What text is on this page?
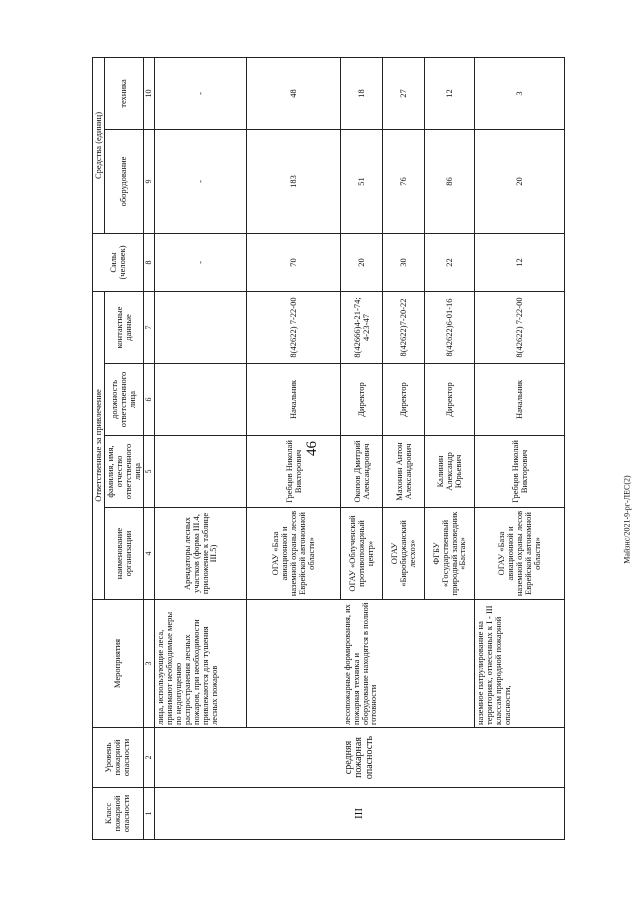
46
Майзнс/2021-9-рг-ЛЕС(2)
Класс пожарной опасности	Уровень пожарной опасности	Мероприятия	Ответственные за привлечение				Силы (человек)	Средства (единиц)	
			наименование организации	фамилия, имя, отчество ответственного лица	должность ответственного лица	контактные данные		оборудование	техника
1	2	3	4	5	6	7	8	9	10
III	средняя пожарная опасность	лица, использующие леса, принимают необходимые меры по недопущению распространения лесных пожаров, при необходимости привлекаются для тушения лесных пожаров	Арендаторы лесных участков (форма III.4, приложение к таблице III.5)				-	-	-
		лесопожарные формирования, их пожарная техника и оборудование находятся в полной готовности	ОГАУ «База авиационной и наземной охраны лесов Еврейской автономной области»	Гребцов Николай Викторович	Начальник	8(42622) 7-22-00	70	183	48
			ОГАУ «Облученский противопожарный центр»	Окопов Дмитрий Александрович	Директор	8(42666)4-21-74; 4-23-47	20	51	18
			ОГАУ «Биробиджанский лесхоз»	Махонин Антон Александрович	Директор	8(42622)7-20-22	30	76	27
			ФГБУ «Государственный природный заповедник «Бастак»	Калинин Александр Юрьевич	Директор	8(42622)6-01-16	22	86	12
		наземное патрулирование на территориях, отнесенных к I - III классам природной пожарной опасности,	ОГАУ «База авиационной и наземной охраны лесов Еврейской автономной области»	Гребцов Николай Викторович	Начальник	8(42622) 7-22-00	12	20	3
